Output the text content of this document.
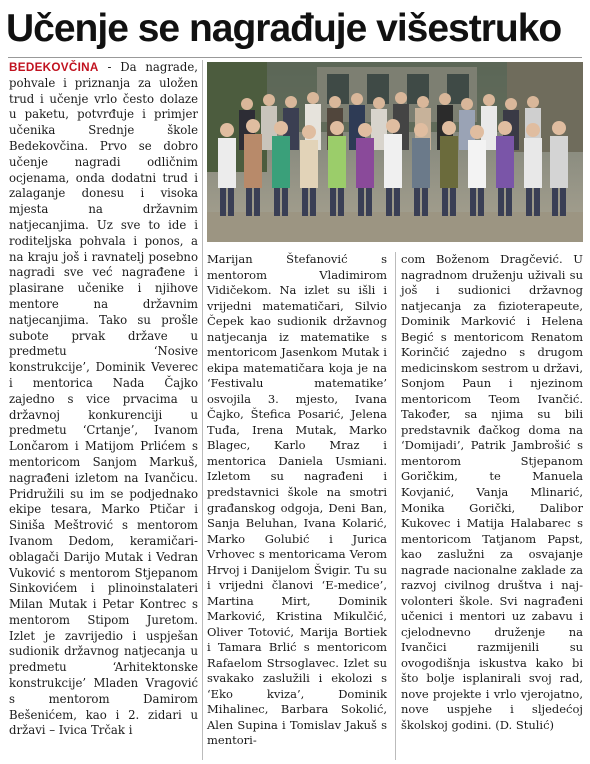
Učenje se nagrađuje višestruko

BEDEKOVČINA - Da nagrade, pohvale i priznanja za uložen trud i učenje vrlo često dolaze u paketu, potvrđuje i primjer učenika Srednje škole Bedekovčina. Prvo se dobro učenje nagradi odličnim ocjenama, onda dodatni trud i zalaganje donesu i visoka mjesta na državnim natjecanjima. Uz sve to ide i roditeljska pohvala i ponos, a na kraju još i ravnatelj posebno nagradi sve već nagrađene i plasirane učenike i njihove mentore na državnim natjecanjima. Tako su prošle subote prvak države u predmetu ‘Nosive konstrukcije’, Dominik Veverec i mentorica Nada Čajko zajedno s vice prvacima u državnoj konkurenciji u predmetu ‘Crtanje’, Ivanom Lončarom i Matijom Prlićem s mentoricom Sanjom Markuš, nagrađeni izletom na Ivančicu. Pridružili su im se podjednako ekipe tesara, Marko Ptičar i Siniša Meštrović s mentorom Ivanom Dedom, keramičari-oblagači Darijo Mutak i Vedran Vuković s mentorom Stjepanom Sinkovićem i plinoinstalateri Milan Mutak i Petar Kontrec s mentorom Stipom Juretom. Izlet je zavrijedio i uspješan sudionik državnog natjecanja u predmetu ‘Arhitektonske konstrukcije’ Mladen Vragović s mentorom Damirom Bešenićem, kao i 2. zidari u državi – Ivica Trčak i

Marijan Štefanović s mentorom Vladimirom Vidičekom. Na izlet su išli i vrijedni matematičari, Silvio Čepek kao sudionik državnog natjecanja iz matematike s mentoricom Jasenkom Mutak i ekipa matematičara koja je na ‘Festivalu matematike’ osvojila 3. mjesto, Ivana Čajko, Štefica Posarić, Jelena Tuđa, Irena Mutak, Marko Blagec, Karlo Mraz i mentorica Daniela Usmiani. Izletom su nagrađeni i predstavnici škole na smotri građanskog odgoja, Deni Ban, Sanja Beluhan, Ivana Kolarić, Marko Golubić i Jurica Vrhovec s mentoricama Verom Hrvoj i Danijelom Švigir. Tu su i vrijedni članovi ‘E-medice’, Martina Mirt, Dominik Marković, Kristina Mikulčić, Oliver Totović, Marija Bortiek i Tamara Brlić s mentoricom Rafaelom Strsoglavec. Izlet su svakako zaslužili i ekolozi s ‘Eko kviza’, Dominik Mihalinec, Barbara Sokolić, Alen Supina i Tomislav Jakuš s mentori-

com Boženom Dragčević. U nagradnom druženju uživali su još i sudionici državnog natjecanja za fizioterapeute, Dominik Marković i Helena Begić s mentoricom Renatom Korinčić zajedno s drugom medicinskom sestrom u državi, Sonjom Paun i njezinom mentoricom Teom Ivančić. Također, sa njima su bili predstavnik đačkog doma na ‘Domijadi’, Patrik Jambrošić s mentorom Stjepanom Goričkim, te Manuela Kovjanić, Vanja Mlinarić, Monika Gorički, Dalibor Kukovec i Matija Halabarec s mentoricom Tatjanom Papst, kao zaslužni za osvajanje nagrade nacionalne zaklade za razvoj civilnog društva i naj-volonteri škole. Svi nagrađeni učenici i mentori uz zabavu i cjelodnevno druženje na Ivančici razmijenili su ovogodišnja iskustva kako bi što bolje isplanirali svoj rad, nove projekte i vrlo vjerojatno, nove uspjehe i sljedećoj školskoj godini. (D. Stulić)
